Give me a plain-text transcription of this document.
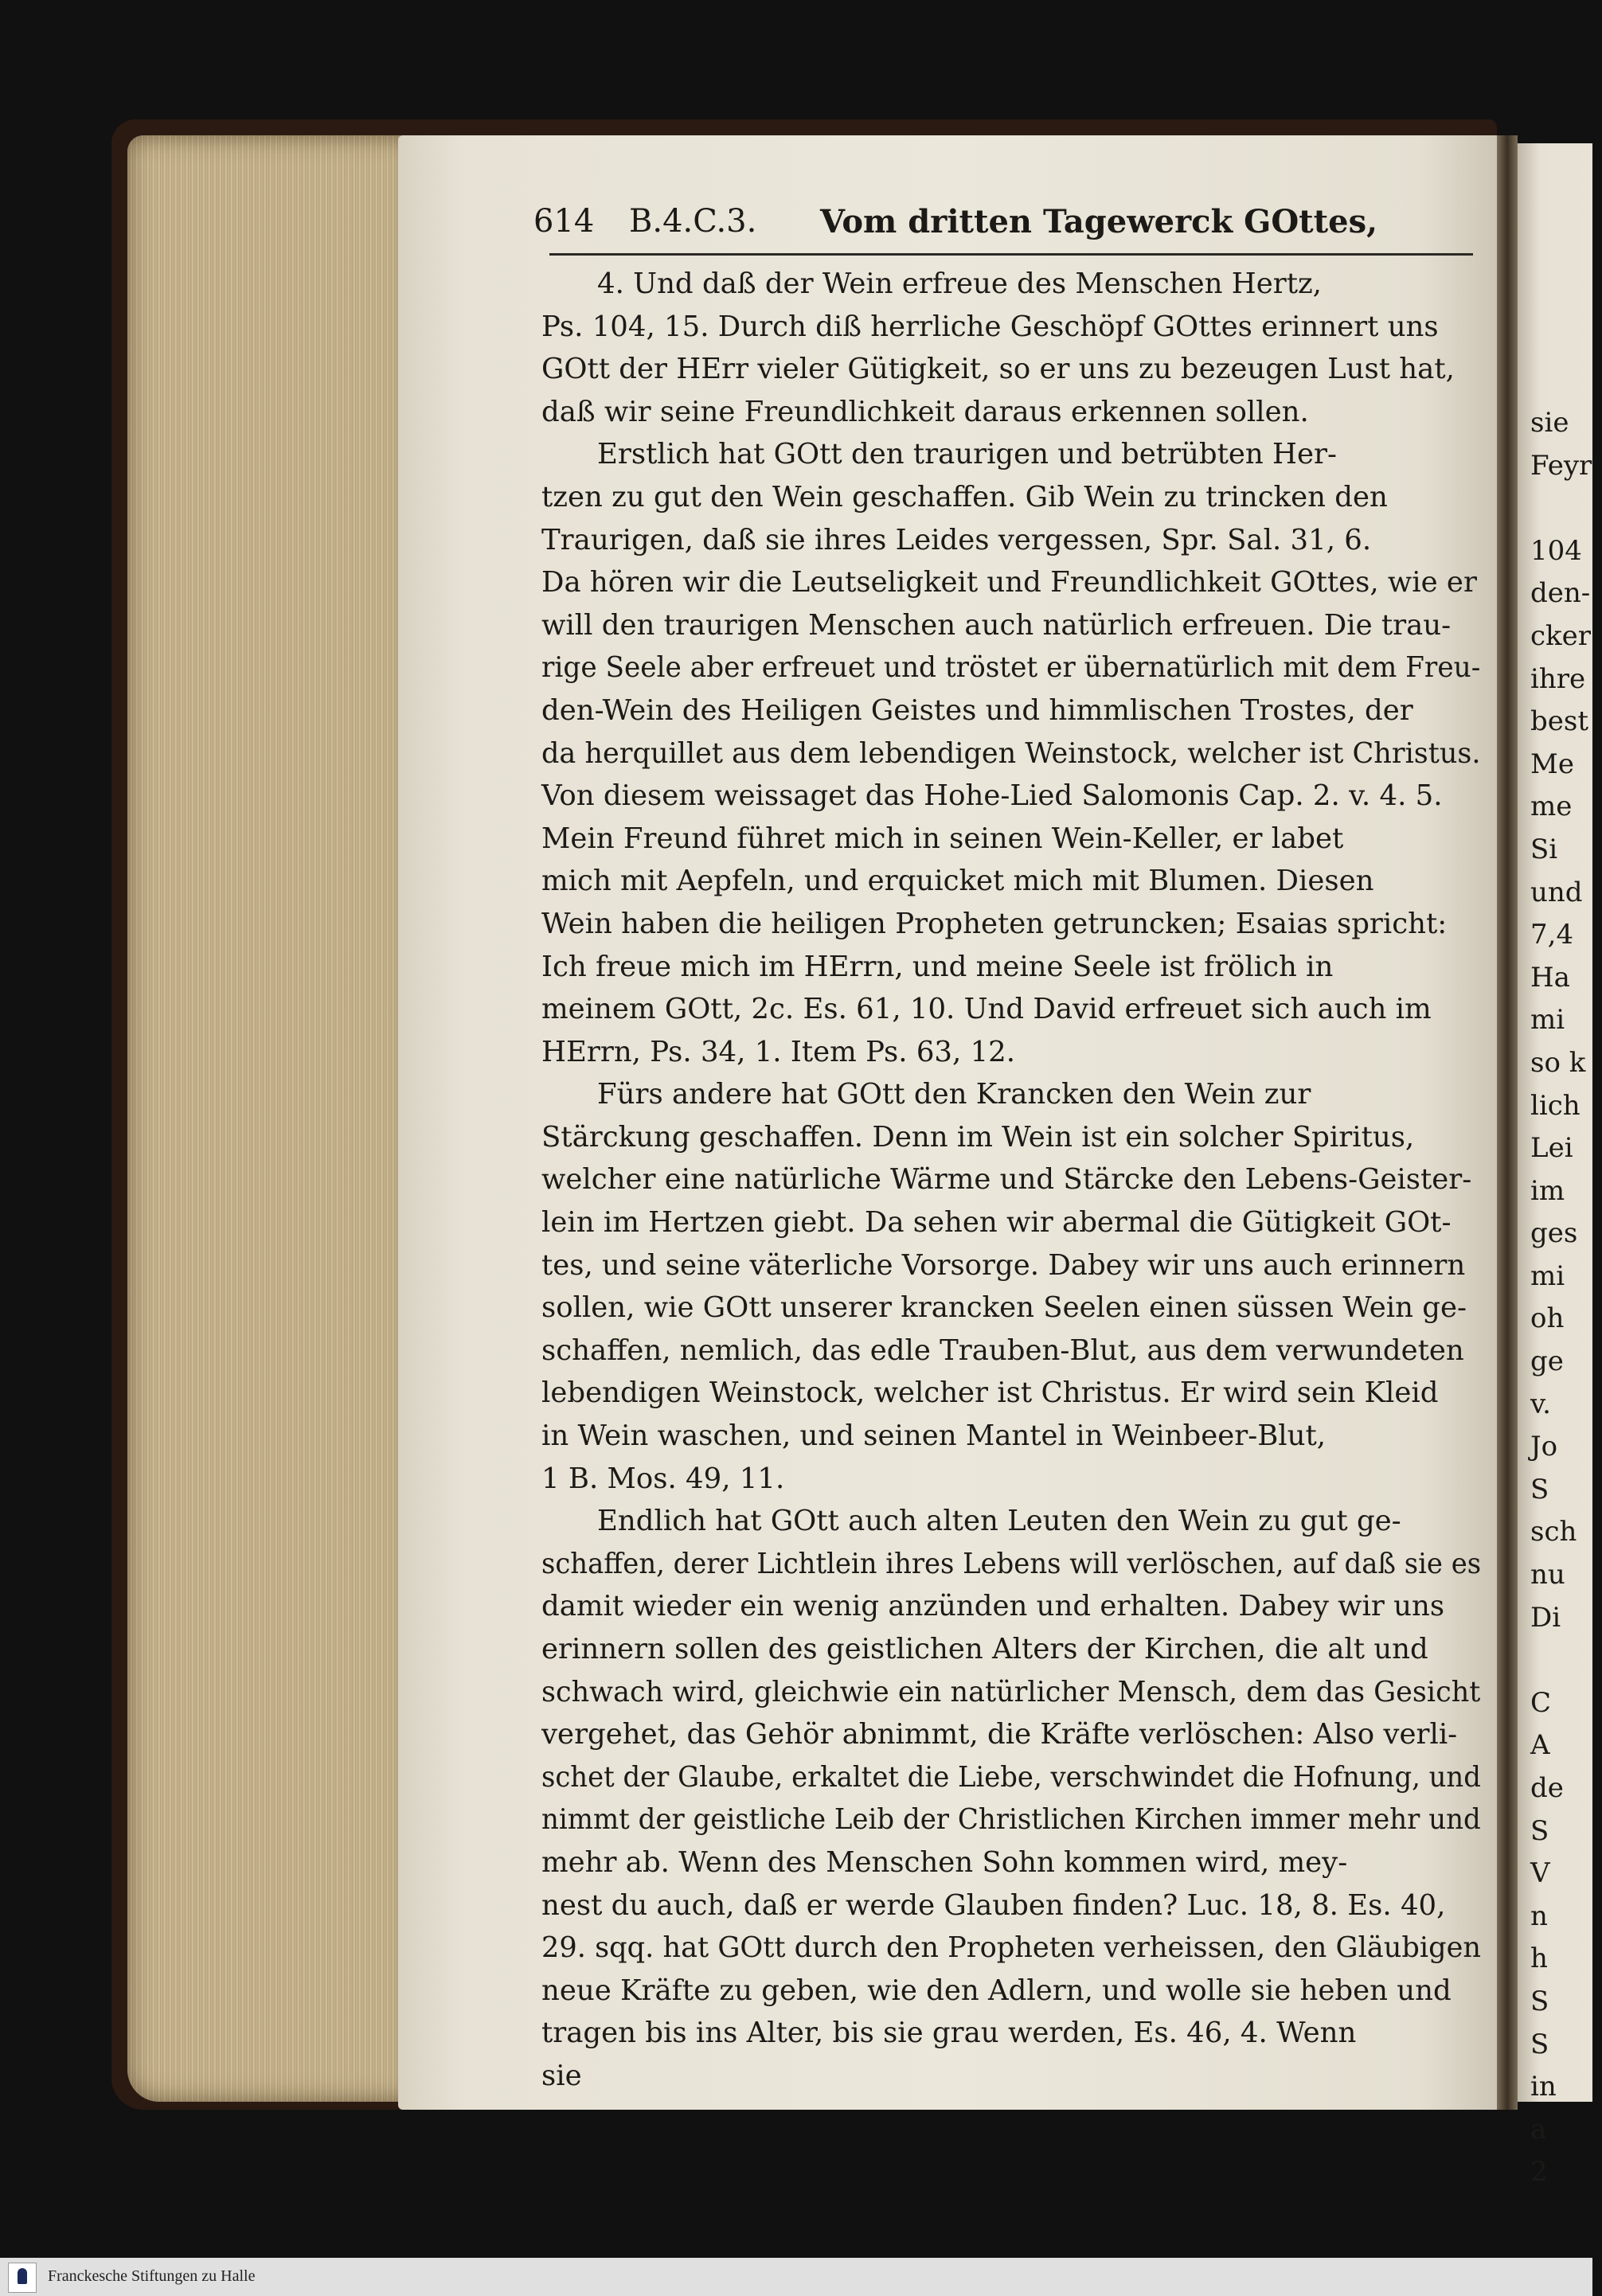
sie
Feyr
104
den-
cker
ihre
best
Me
me
Si
und
7,4
Ha
mi
so k
lich
Lei
im
ges
mi
oh
ge
v.
Jo
S
sch
nu
Di
C
A
de
S
V
n
h
S
S
in
a
2
614 B.4.C.3. Vom dritten Tagewerck GOttes,
4. Und daß der Wein erfreue des Menschen Hertz,
Ps. 104, 15. Durch diß herrliche Geschöpf GOttes erinnert uns
GOtt der HErr vieler Gütigkeit, so er uns zu bezeugen Lust hat,
daß wir seine Freundlichkeit daraus erkennen sollen.
Erstlich hat GOtt den traurigen und betrübten Her-
tzen zu gut den Wein geschaffen. Gib Wein zu trincken den
Traurigen, daß sie ihres Leides vergessen, Spr. Sal. 31, 6.
Da hören wir die Leutseligkeit und Freundlichkeit GOttes, wie er
will den traurigen Menschen auch natürlich erfreuen. Die trau-
rige Seele aber erfreuet und tröstet er übernatürlich mit dem Freu-
den-Wein des Heiligen Geistes und himmlischen Trostes, der
da herquillet aus dem lebendigen Weinstock, welcher ist Christus.
Von diesem weissaget das Hohe-Lied Salomonis Cap. 2. v. 4. 5.
Mein Freund führet mich in seinen Wein-Keller, er labet
mich mit Aepfeln, und erquicket mich mit Blumen. Diesen
Wein haben die heiligen Propheten getruncken; Esaias spricht:
Ich freue mich im HErrn, und meine Seele ist frölich in
meinem GOtt, 2c. Es. 61, 10. Und David erfreuet sich auch im
HErrn, Ps. 34, 1. Item Ps. 63, 12.
Fürs andere hat GOtt den Krancken den Wein zur
Stärckung geschaffen. Denn im Wein ist ein solcher Spiritus,
welcher eine natürliche Wärme und Stärcke den Lebens-Geister-
lein im Hertzen giebt. Da sehen wir abermal die Gütigkeit GOt-
tes, und seine väterliche Vorsorge. Dabey wir uns auch erinnern
sollen, wie GOtt unserer krancken Seelen einen süssen Wein ge-
schaffen, nemlich, das edle Trauben-Blut, aus dem verwundeten
lebendigen Weinstock, welcher ist Christus. Er wird sein Kleid
in Wein waschen, und seinen Mantel in Weinbeer-Blut,
1 B. Mos. 49, 11.
Endlich hat GOtt auch alten Leuten den Wein zu gut ge-
schaffen, derer Lichtlein ihres Lebens will verlöschen, auf daß sie es
damit wieder ein wenig anzünden und erhalten. Dabey wir uns
erinnern sollen des geistlichen Alters der Kirchen, die alt und
schwach wird, gleichwie ein natürlicher Mensch, dem das Gesicht
vergehet, das Gehör abnimmt, die Kräfte verlöschen: Also verli-
schet der Glaube, erkaltet die Liebe, verschwindet die Hofnung, und
nimmt der geistliche Leib der Christlichen Kirchen immer mehr und
mehr ab. Wenn des Menschen Sohn kommen wird, mey-
nest du auch, daß er werde Glauben finden? Luc. 18, 8. Es. 40,
29. sqq. hat GOtt durch den Propheten verheissen, den Gläubigen
neue Kräfte zu geben, wie den Adlern, und wolle sie heben und
tragen bis ins Alter, bis sie grau werden, Es. 46, 4. Wenn
sie
Franckesche Stiftungen zu Halle
